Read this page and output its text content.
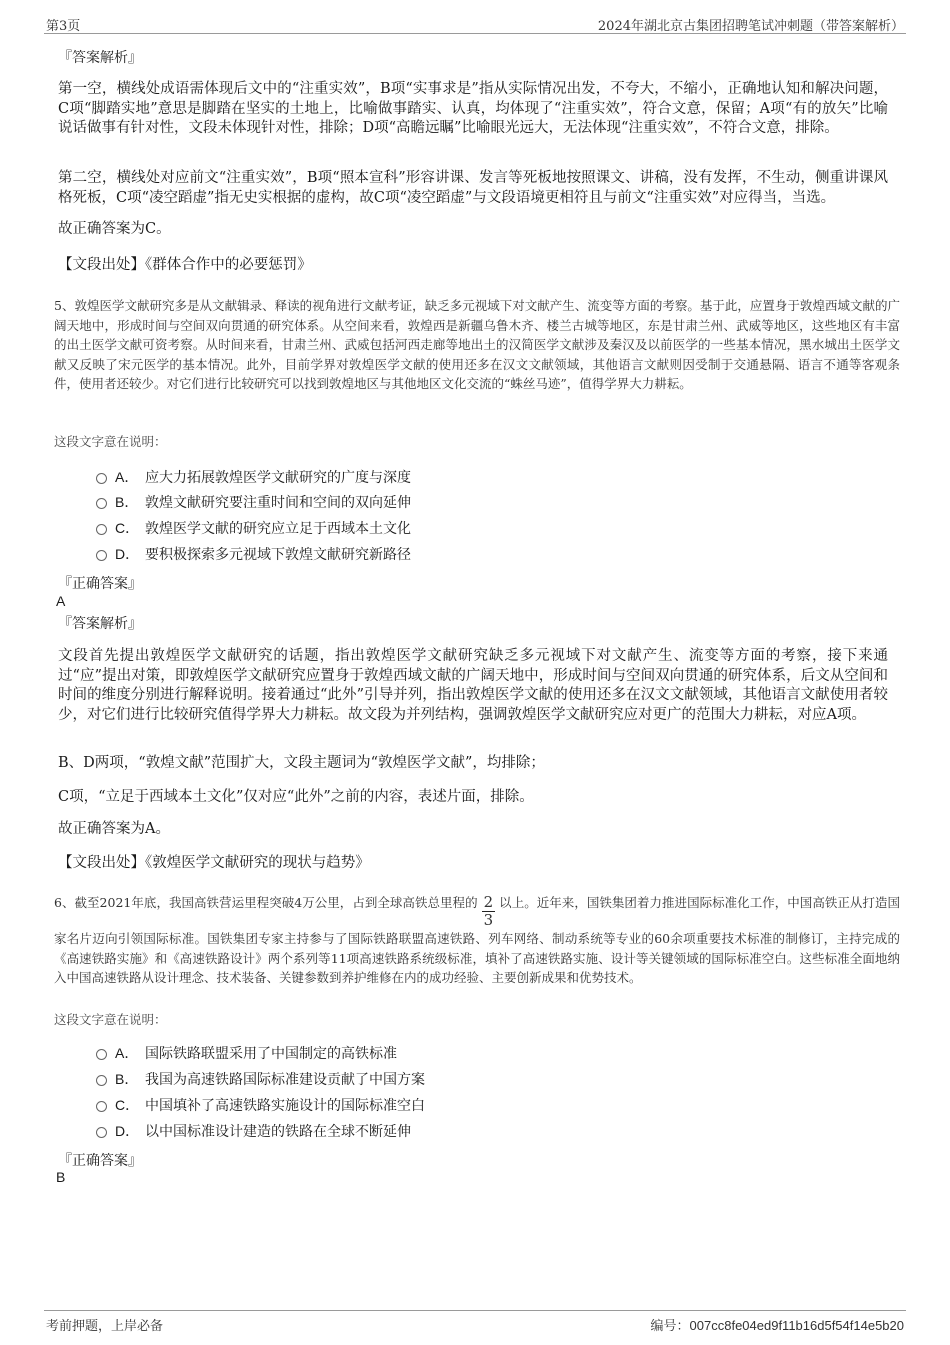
第3页	2024年湖北京古集团招聘笔试冲刺题（带答案解析）
『答案解析』

第一空，横线处成语需体现后文中的“注重实效”，B项“实事求是”指从实际情况出发，不夸大，不缩小，正确地认知和解决问题，C项“脚踏实地”意思是脚踏在坚实的土地上，比喻做事踏实、认真，均体现了“注重实效”，符合文意，保留；A项“有的放矢”比喻说话做事有针对性，文段未体现针对性，排除；D项“高瞻远瞩”比喻眼光远大，无法体现“注重实效”，不符合文意，排除。

第二空，横线处对应前文“注重实效”，B项“照本宣科”形容讲课、发言等死板地按照课文、讲稿，没有发挥，不生动，侧重讲课风格死板，C项“凌空蹈虚”指无史实根据的虚构，故C项“凌空蹈虚”与文段语境更相符且与前文“注重实效”对应得当，当选。

故正确答案为C。
【文段出处】《群体合作中的必要惩罚》

5、敦煌医学文献研究多是从文献辑录、释读的视角进行文献考证，缺乏多元视域下对文献产生、流变等方面的考察。基于此，应置身于敦煌西域文献的广阔天地中，形成时间与空间双向贯通的研究体系。从空间来看，敦煌西是新疆乌鲁木齐、楼兰古城等地区，东是甘肃兰州、武威等地区，这些地区有丰富的出土医学文献可资考察。从时间来看，甘肃兰州、武威包括河西走廊等地出土的汉简医学文献涉及秦汉及以前医学的一些基本情况，黑水城出土医学文献又反映了宋元医学的基本情况。此外，目前学界对敦煌医学文献的使用还多在汉文文献领域，其他语言文献则因受制于交通悬隔、语言不通等客观条件，使用者还较少。对它们进行比较研究可以找到敦煌地区与其他地区文化交流的“蛛丝马迹”，值得学界大力耕耘。

这段文字意在说明：
A． 应大力拓展敦煌医学文献研究的广度与深度
B． 敦煌文献研究要注重时间和空间的双向延伸
C． 敦煌医学文献的研究应立足于西域本土文化
D． 要积极探索多元视域下敦煌文献研究新路径
『正确答案』
A
『答案解析』

文段首先提出敦煌医学文献研究的话题，指出敦煌医学文献研究缺乏多元视域下对文献产生、流变等方面的考察，接下来通过“应”提出对策，即敦煌医学文献研究应置身于敦煌西域文献的广阔天地中，形成时间与空间双向贯通的研究体系，后文从空间和时间的维度分别进行解释说明。接着通过“此外”引导并列，指出敦煌医学文献的使用还多在汉文文献领域，其他语言文献使用者较少，对它们进行比较研究值得学界大力耕耘。故文段为并列结构，强调敦煌医学文献研究应对更广的范围大力耕耘，对应A项。

B、D两项，“敦煌文献”范围扩大，文段主题词为“敦煌医学文献”，均排除；
C项，“立足于西域本土文化”仅对应“此外”之前的内容，表述片面，排除。
故正确答案为A。
【文段出处】《敦煌医学文献研究的现状与趋势》

6、截至2021年底，我国高铁营运里程突破4万公里，占到全球高铁总里程的 $\frac{2}{3}$ 以上。近年来，国铁集团着力推进国际标准化工作，中国高铁正从打造国家名片迈向引领国际标准。国铁集团专家主持参与了国际铁路联盟高速铁路、列车网络、制动系统等专业的60余项重要技术标准的制修订，主持完成的《高速铁路实施》和《高速铁路设计》两个系列等11项高速铁路系统级标准，填补了高速铁路实施、设计等关键领域的国际标准空白。这些标准全面地纳入中国高速铁路从设计理念、技术装备、关键参数到养护维修在内的成功经验、主要创新成果和优势技术。

这段文字意在说明：
A． 国际铁路联盟采用了中国制定的高铁标准
B． 我国为高速铁路国际标准建设贡献了中国方案
C． 中国填补了高速铁路实施设计的国际标准空白
D． 以中国标准设计建造的铁路在全球不断延伸
『正确答案』
B
考前押题，上岸必备	编号：007cc8fe04ed9f11b16d5f54f14e5b20
